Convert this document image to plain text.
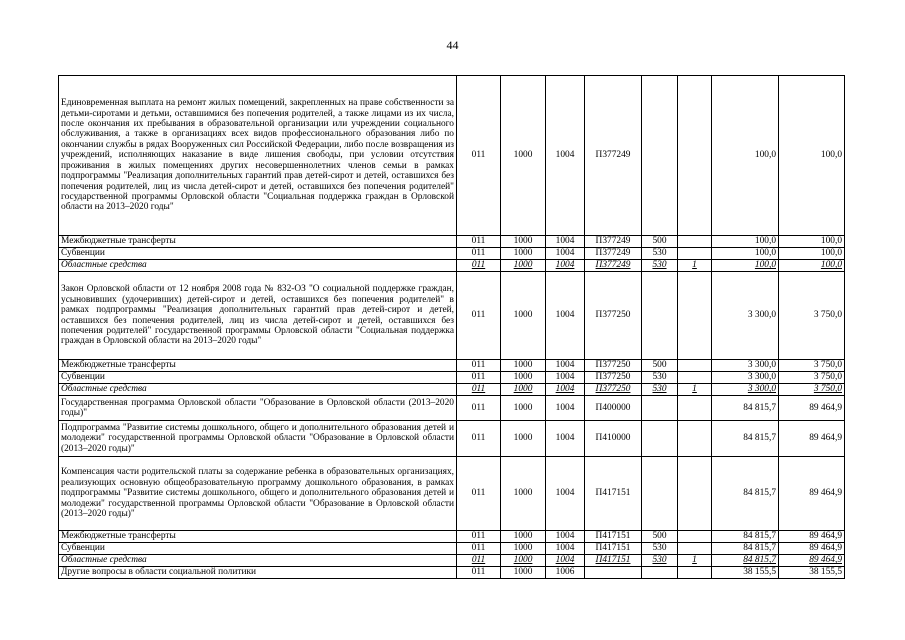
44
Единовременная выплата на ремонт жилых помещений, закрепленных на праве собственности за детьми-сиротами и детьми, оставшимися без попечения родителей, а также лицами из их числа, после окончания их пребывания в образовательной организации или учреждении социального обслуживания, а также в организациях всех видов профессионального образования либо по окончании службы в рядах Вооруженных сил Российской Федерации, либо после возвращения из учреждений, исполняющих наказание в виде лишения свободы, при условии отсутствия проживания в жилых помещениях других несовершеннолетних членов семьи в рамках подпрограммы "Реализация дополнительных гарантий прав детей-сирот и детей, оставшихся без попечения родителей, лиц из числа детей-сирот и детей, оставшихся без попечения родителей" государственной программы Орловской области "Социальная поддержка граждан в Орловской области на 2013–2020 годы"	011	1000	1004	П377249			100,0	100,0
Межбюджетные трансферты	011	1000	1004	П377249	500		100,0	100,0
Субвенции	011	1000	1004	П377249	530		100,0	100,0
Областные средства	011	1000	1004	П377249	530	1	100,0	100,0
Закон Орловской области от 12 ноября 2008 года № 832-ОЗ "О социальной поддержке граждан, усыновивших (удочеривших) детей-сирот и детей, оставшихся без попечения родителей" в рамках подпрограммы "Реализация дополнительных гарантий прав детей-сирот и детей, оставшихся без попечения родителей, лиц из числа детей-сирот и детей, оставшихся без попечения родителей" государственной программы Орловской области "Социальная поддержка граждан в Орловской области на 2013–2020 годы"	011	1000	1004	П377250			3 300,0	3 750,0
Межбюджетные трансферты	011	1000	1004	П377250	500		3 300,0	3 750,0
Субвенции	011	1000	1004	П377250	530		3 300,0	3 750,0
Областные средства	011	1000	1004	П377250	530	1	3 300,0	3 750,0
Государственная программа Орловской области "Образование в Орловской области (2013–2020 годы)"	011	1000	1004	П400000			84 815,7	89 464,9
Подпрограмма "Развитие системы дошкольного, общего и дополнительного образования детей и молодежи" государственной программы Орловской области "Образование в Орловской области (2013–2020 годы)"	011	1000	1004	П410000			84 815,7	89 464,9
Компенсация части родительской платы за содержание ребенка в образовательных организациях, реализующих основную общеобразовательную программу дошкольного образования, в рамках подпрограммы "Развитие системы дошкольного, общего и дополнительного образования детей и молодежи" государственной программы Орловской области "Образование в Орловской области (2013–2020 годы)"	011	1000	1004	П417151			84 815,7	89 464,9
Межбюджетные трансферты	011	1000	1004	П417151	500		84 815,7	89 464,9
Субвенции	011	1000	1004	П417151	530		84 815,7	89 464,9
Областные средства	011	1000	1004	П417151	530	1	84 815,7	89 464,9
Другие вопросы в области социальной политики	011	1000	1006				38 155,5	38 155,5
